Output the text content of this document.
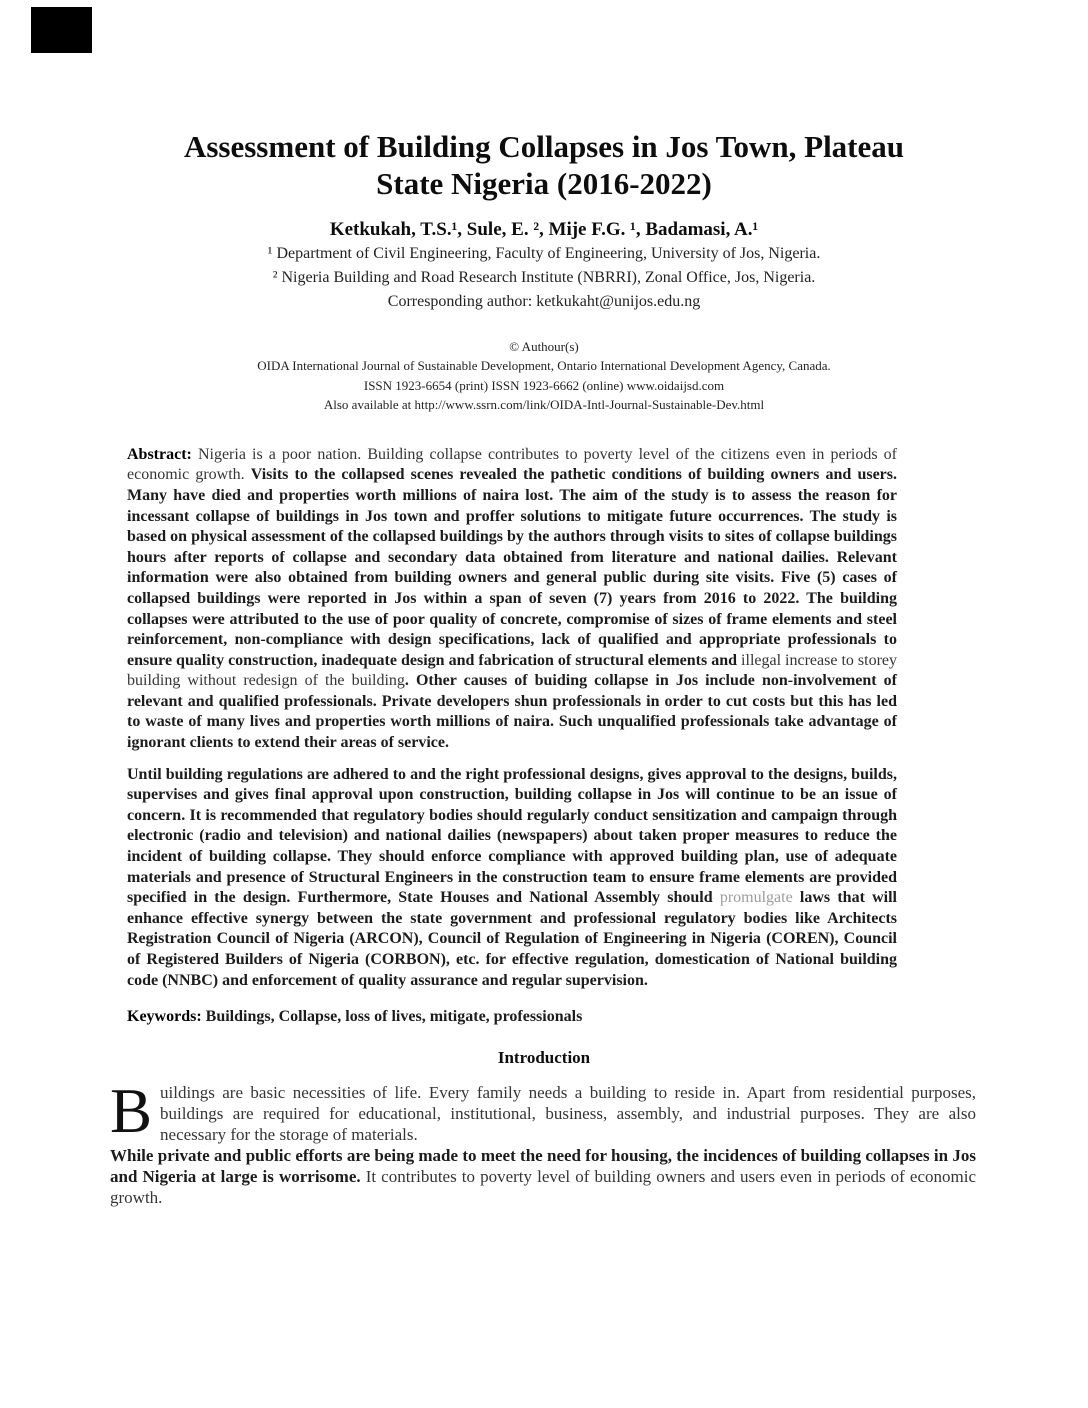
Assessment of Building Collapses in Jos Town, Plateau State Nigeria (2016-2022)
Ketkukah, T.S.¹, Sule, E. ², Mije F.G. ¹, Badamasi, A.¹
¹ Department of Civil Engineering, Faculty of Engineering, University of Jos, Nigeria.
² Nigeria Building and Road Research Institute (NBRRI), Zonal Office, Jos, Nigeria.
Corresponding author: ketkukaht@unijos.edu.ng
© Authour(s)
OIDA International Journal of Sustainable Development, Ontario International Development Agency, Canada.
ISSN 1923-6654 (print) ISSN 1923-6662 (online) www.oidaijsd.com
Also available at http://www.ssrn.com/link/OIDA-Intl-Journal-Sustainable-Dev.html

Abstract: Nigeria is a poor nation. Building collapse contributes to poverty level of the citizens even in periods of economic growth. Visits to the collapsed scenes revealed the pathetic conditions of building owners and users. Many have died and properties worth millions of naira lost. The aim of the study is to assess the reason for incessant collapse of buildings in Jos town and proffer solutions to mitigate future occurrences. The study is based on physical assessment of the collapsed buildings by the authors through visits to sites of collapse buildings hours after reports of collapse and secondary data obtained from literature and national dailies. Relevant information were also obtained from building owners and general public during site visits. Five (5) cases of collapsed buildings were reported in Jos within a span of seven (7) years from 2016 to 2022. The building collapses were attributed to the use of poor quality of concrete, compromise of sizes of frame elements and steel reinforcement, non-compliance with design specifications, lack of qualified and appropriate professionals to ensure quality construction, inadequate design and fabrication of structural elements and illegal increase to storey building without redesign of the building. Other causes of buiding collapse in Jos include non-involvement of relevant and qualified professionals. Private developers shun professionals in order to cut costs but this has led to waste of many lives and properties worth millions of naira. Such unqualified professionals take advantage of ignorant clients to extend their areas of service.

Until building regulations are adhered to and the right professional designs, gives approval to the designs, builds, supervises and gives final approval upon construction, building collapse in Jos will continue to be an issue of concern. It is recommended that regulatory bodies should regularly conduct sensitization and campaign through electronic (radio and television) and national dailies (newspapers) about taken proper measures to reduce the incident of building collapse. They should enforce compliance with approved building plan, use of adequate materials and presence of Structural Engineers in the construction team to ensure frame elements are provided specified in the design. Furthermore, State Houses and National Assembly should promulgate laws that will enhance effective synergy between the state government and professional regulatory bodies like Architects Registration Council of Nigeria (ARCON), Council of Regulation of Engineering in Nigeria (COREN), Council of Registered Builders of Nigeria (CORBON), etc. for effective regulation, domestication of National building code (NNBC) and enforcement of quality assurance and regular supervision.

Keywords: Buildings, Collapse, loss of lives, mitigate, professionals

Introduction

Buildings are basic necessities of life. Every family needs a building to reside in. Apart from residential purposes, buildings are required for educational, institutional, business, assembly, and industrial purposes. They are also necessary for the storage of materials.

While private and public efforts are being made to meet the need for housing, the incidences of building collapses in Jos and Nigeria at large is worrisome. It contributes to poverty level of building owners and users even in periods of economic growth.
